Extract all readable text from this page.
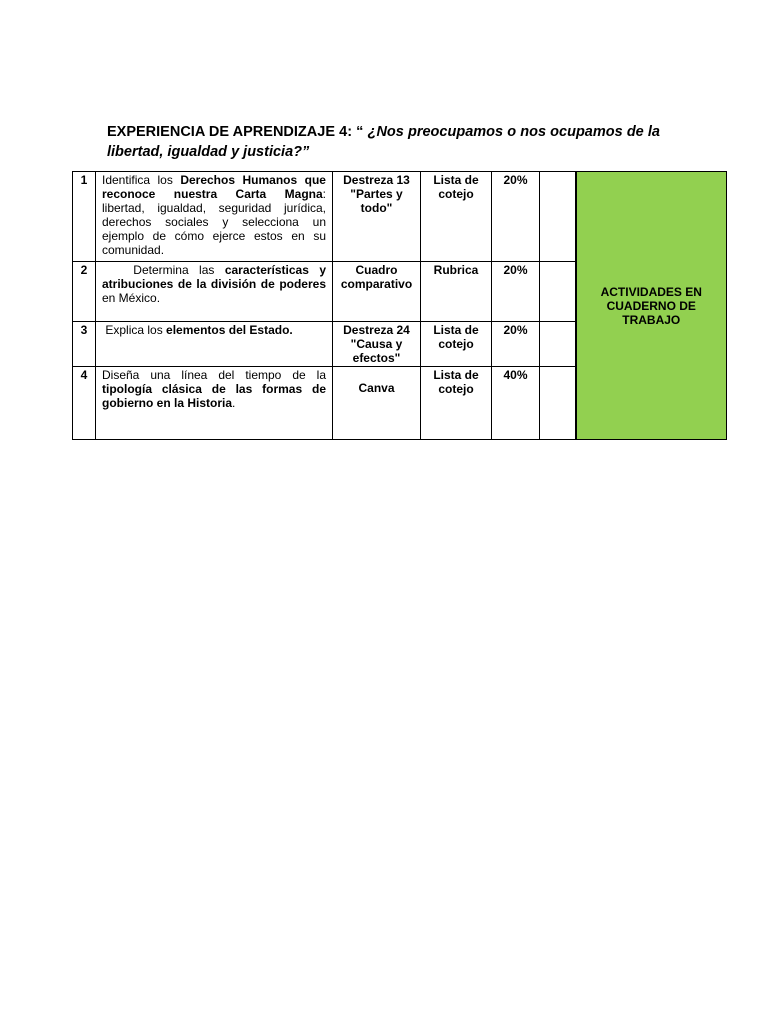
EXPERIENCIA DE APRENDIZAJE 4: “ ¿Nos preocupamos o nos ocupamos de la libertad, igualdad y justicia?”
1	Identifica los Derechos Humanos que reconoce nuestra Carta Magna: libertad, igualdad, seguridad jurídica, derechos sociales y selecciona un ejemplo de cómo ejerce estos en su comunidad.	Destreza 13 "Partes y todo"	Lista de cotejo	20%		ACTIVIDADES EN CUADERNO DE TRABAJO
2	Determina las características y atribuciones de la división de poderes en México.	Cuadro comparativo	Rubrica	20%		
3	Explica los elementos del Estado.	Destreza 24 "Causa y efectos"	Lista de cotejo	20%		
4	Diseña una línea del tiempo de la tipología clásica de las formas de gobierno en la Historia.	Canva	Lista de cotejo	40%		
